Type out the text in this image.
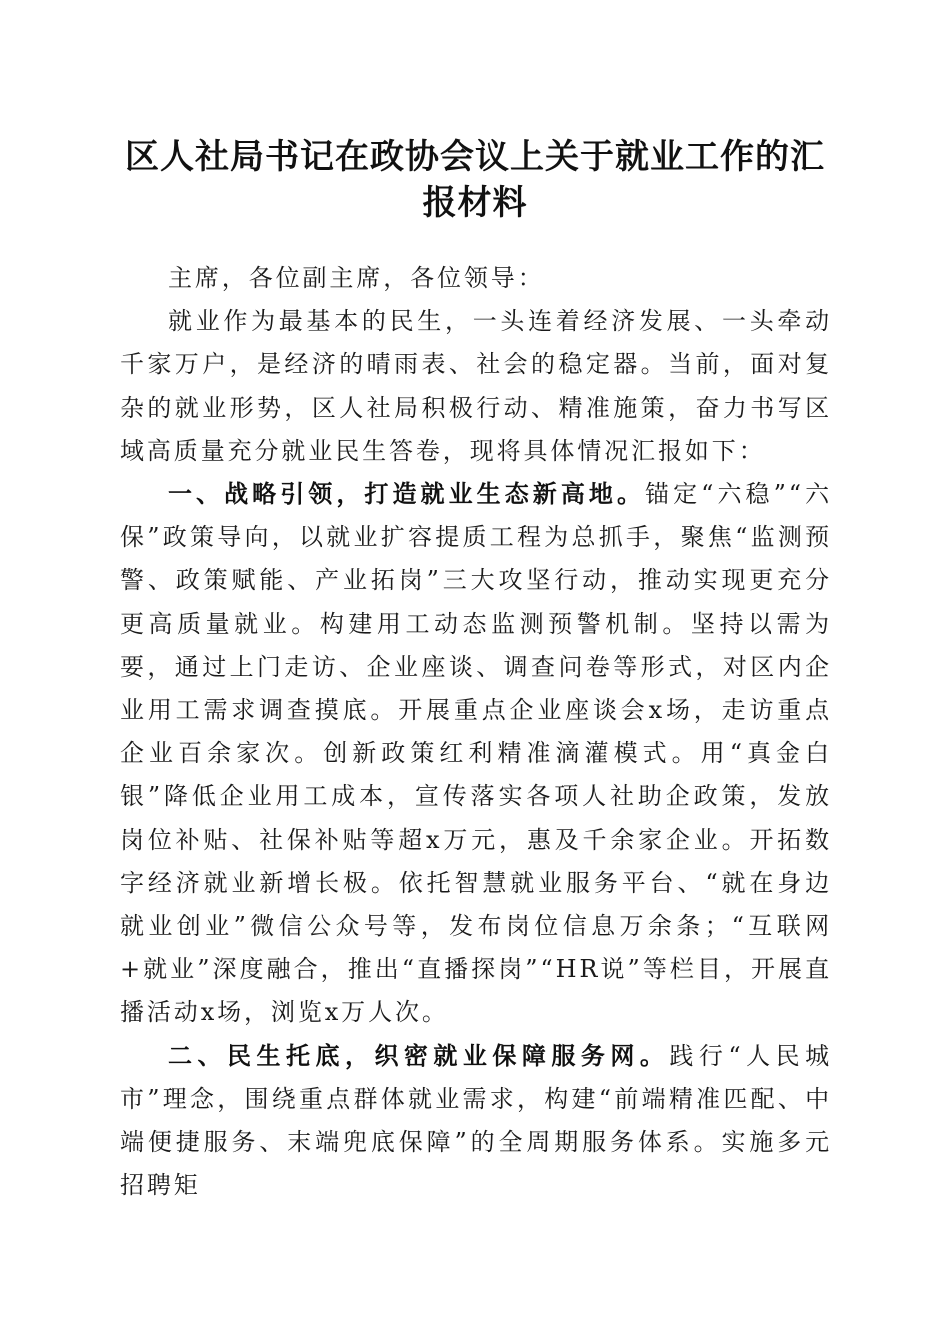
区人社局书记在政协会议上关于就业工作的汇报材料

主席，各位副主席，各位领导：

就业作为最基本的民生，一头连着经济发展、一头牵动千家万户，是经济的晴雨表、社会的稳定器。当前，面对复杂的就业形势，区人社局积极行动、精准施策，奋力书写区域高质量充分就业民生答卷，现将具体情况汇报如下：

一、战略引领，打造就业生态新高地。锚定“六稳”“六保”政策导向，以就业扩容提质工程为总抓手，聚焦“监测预警、政策赋能、产业拓岗”三大攻坚行动，推动实现更充分更高质量就业。构建用工动态监测预警机制。坚持以需为要，通过上门走访、企业座谈、调查问卷等形式，对区内企业用工需求调查摸底。开展重点企业座谈会x场，走访重点企业百余家次。创新政策红利精准滴灌模式。用“真金白银”降低企业用工成本，宣传落实各项人社助企政策，发放岗位补贴、社保补贴等超x万元，惠及千余家企业。开拓数字经济就业新增长极。依托智慧就业服务平台、“就在身边就业创业”微信公众号等，发布岗位信息万余条；“互联网+就业”深度融合，推出“直播探岗”“HR说”等栏目，开展直播活动x场，浏览x万人次。

二、民生托底，织密就业保障服务网。践行“人民城市”理念，围绕重点群体就业需求，构建“前端精准匹配、中端便捷服务、末端兜底保障”的全周期服务体系。实施多元招聘矩
